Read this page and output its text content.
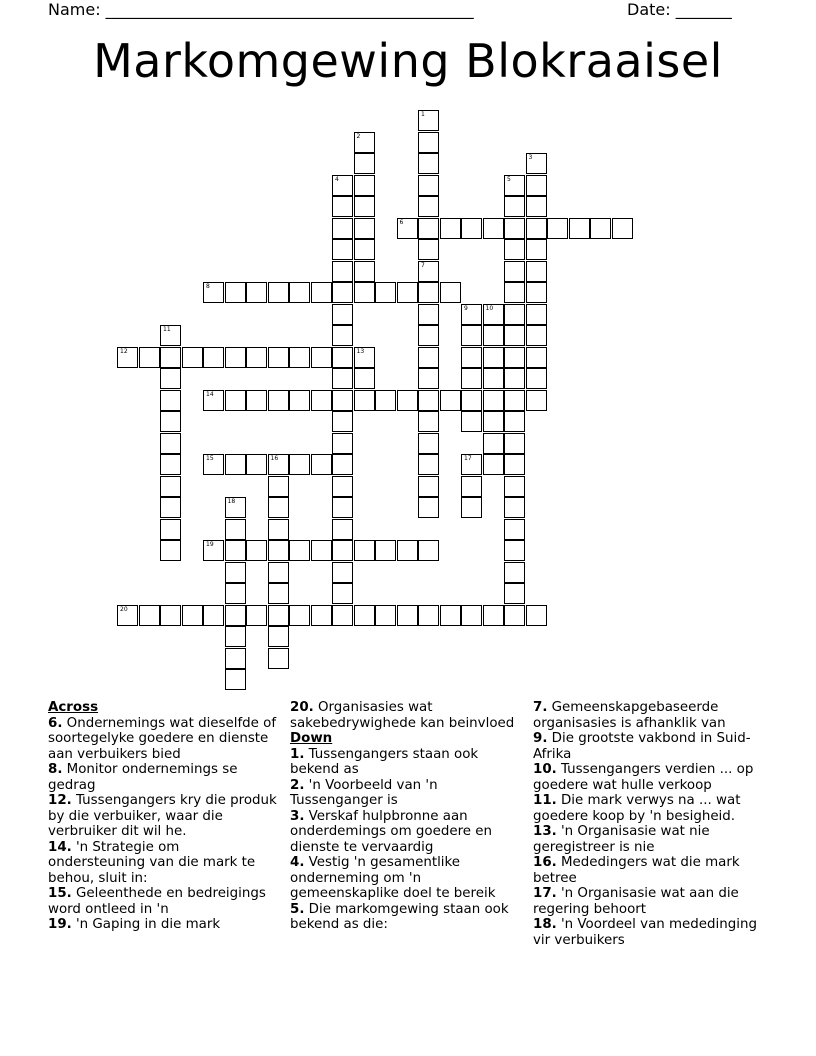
Name: ______________________________________________	Date: _______
Markomgewing Blokraaisel
1
7
2
3
4	5
6
8
9	10
11
12	13
14
15	16	17
18
19
20
Across
6. Ondernemings wat dieselfde of soortegelyke goedere en dienste aan verbuikers bied
8. Monitor ondernemings se gedrag
12. Tussengangers kry die produk by die verbuiker, waar die verbruiker dit wil he.
14. 'n Strategie om ondersteuning van die mark te behou, sluit in:
15. Geleenthede en bedreigings word ontleed in 'n
19. 'n Gaping in die mark
20. Organisasies wat sakebedrywighede kan beinvloed
Down
1. Tussengangers staan ook bekend as
2. 'n Voorbeeld van 'n Tussenganger is
3. Verskaf hulpbronne aan onderdemings om goedere en dienste te vervaardig
4. Vestig 'n gesamentlike onderneming om 'n gemeenskaplike doel te bereik
5. Die markomgewing staan ook bekend as die:
7. Gemeenskapgebaseerde organisasies is afhanklik van
9. Die grootste vakbond in Suid-Afrika
10. Tussengangers verdien ... op goedere wat hulle verkoop
11. Die mark verwys na ... wat goedere koop by 'n besigheid.
13. 'n Organisasie wat nie geregistreer is nie
16. Mededingers wat die mark betree
17. 'n Organisasie wat aan die regering behoort
18. 'n Voordeel van mededinging vir verbuikers
